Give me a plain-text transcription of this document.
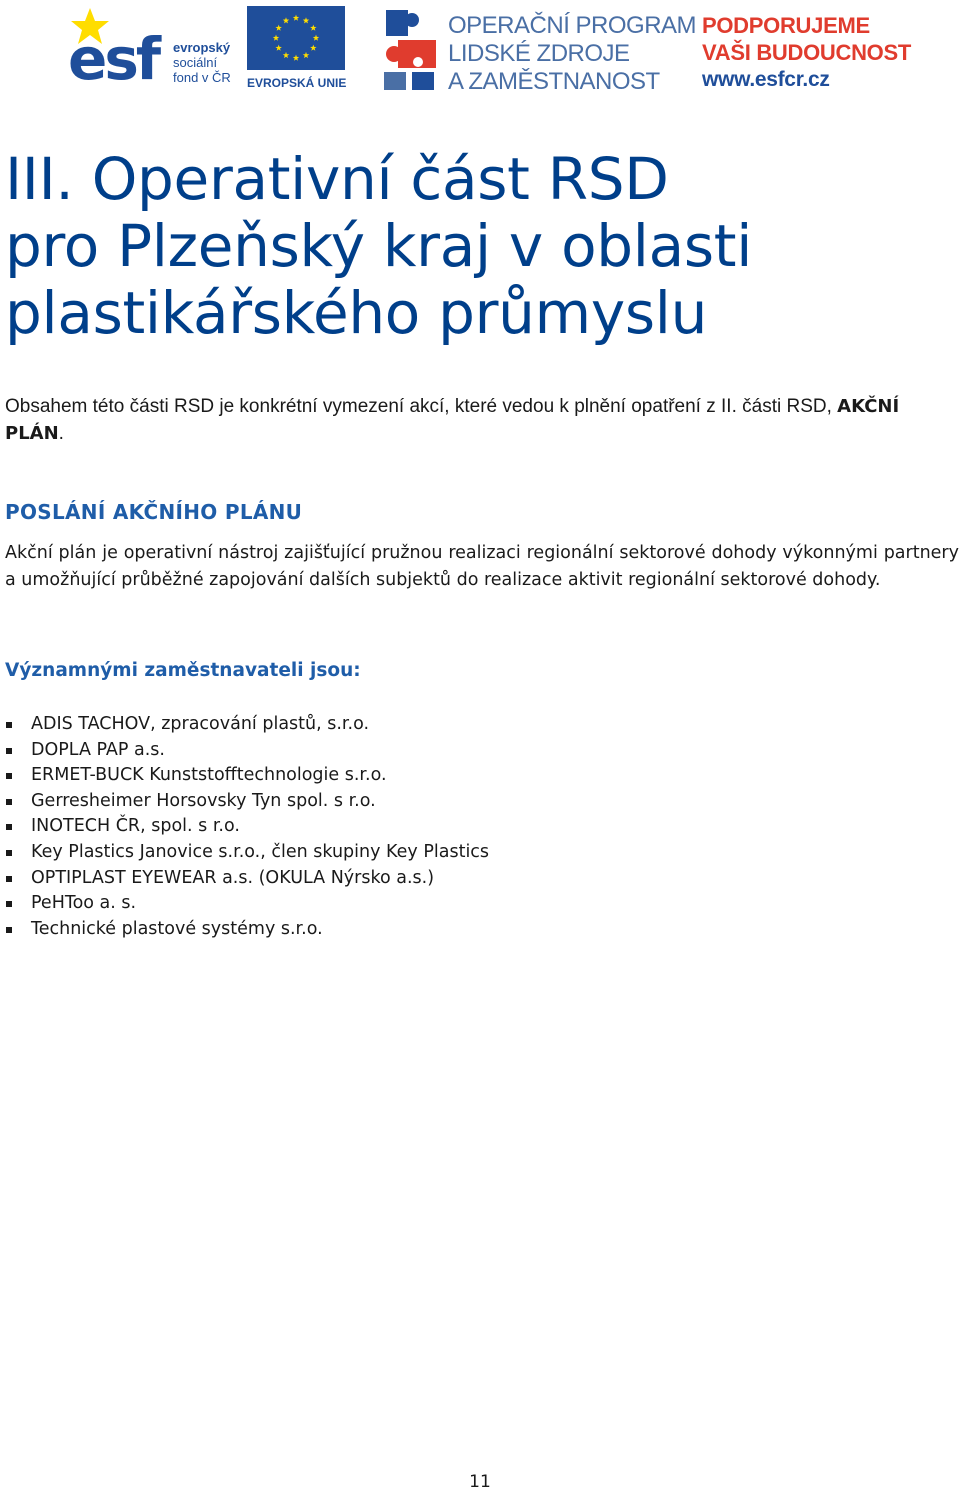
esf evropský
sociální
fond v ČR EVROPSKÁ UNIE
OPERAČNÍ PROGRAM
LIDSKÉ ZDROJE
A ZAMĚSTNANOST
PODPORUJEME
VAŠI BUDOUCNOST
www.esfcr.cz
III. Operativní část RSD
pro Plzeňský kraj v oblasti
plastikářského průmyslu
Obsahem této části RSD je konkrétní vymezení akcí, které vedou k plnění opatření z II. části RSD, AKČNÍ PLÁN.
POSLÁNÍ AKČNÍHO PLÁNU

Akční plán je operativní nástroj zajišťující pružnou realizaci regionální sektorové dohody výkonnými partnery a umožňující průběžné zapojování dalších subjektů do realizace aktivit regionální sektorové dohody.

Významnými zaměstnavateli jsou:
ADIS TACHOV, zpracování plastů, s.r.o.
DOPLA PAP a.s.
ERMET-BUCK Kunststofftechnologie s.r.o.
Gerresheimer Horsovsky Tyn spol. s r.o.
INOTECH ČR, spol. s r.o.
Key Plastics Janovice s.r.o., člen skupiny Key Plastics
OPTIPLAST EYEWEAR a.s. (OKULA Nýrsko a.s.)
PeHToo a. s.
Technické plastové systémy s.r.o.
11
